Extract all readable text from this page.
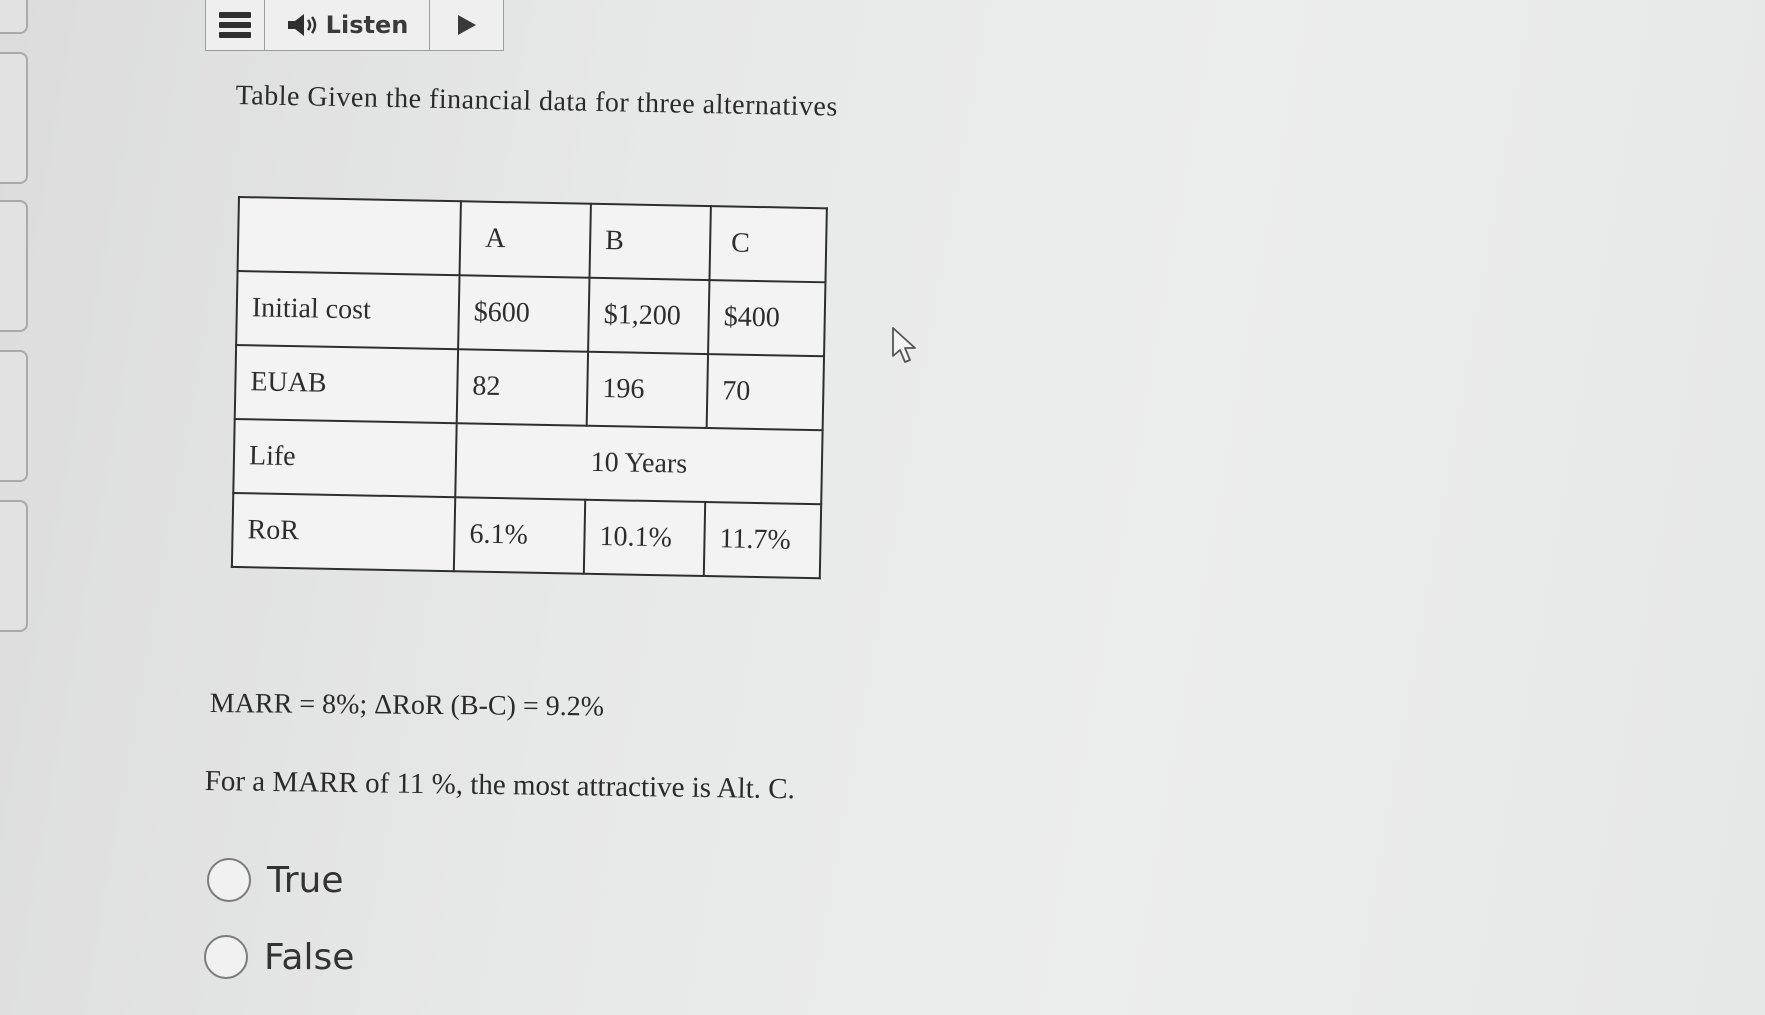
Listen
Table Given the financial data for three alternatives
	A	B	C
Initial cost	$600	$1,200	$400
EUAB	82	196	70
Life	10 Years		
RoR	6.1%	10.1%	11.7%
MARR = 8%; ΔRoR (B-C) = 9.2%
For a MARR of 11 %, the most attractive is Alt. C.
True
False
